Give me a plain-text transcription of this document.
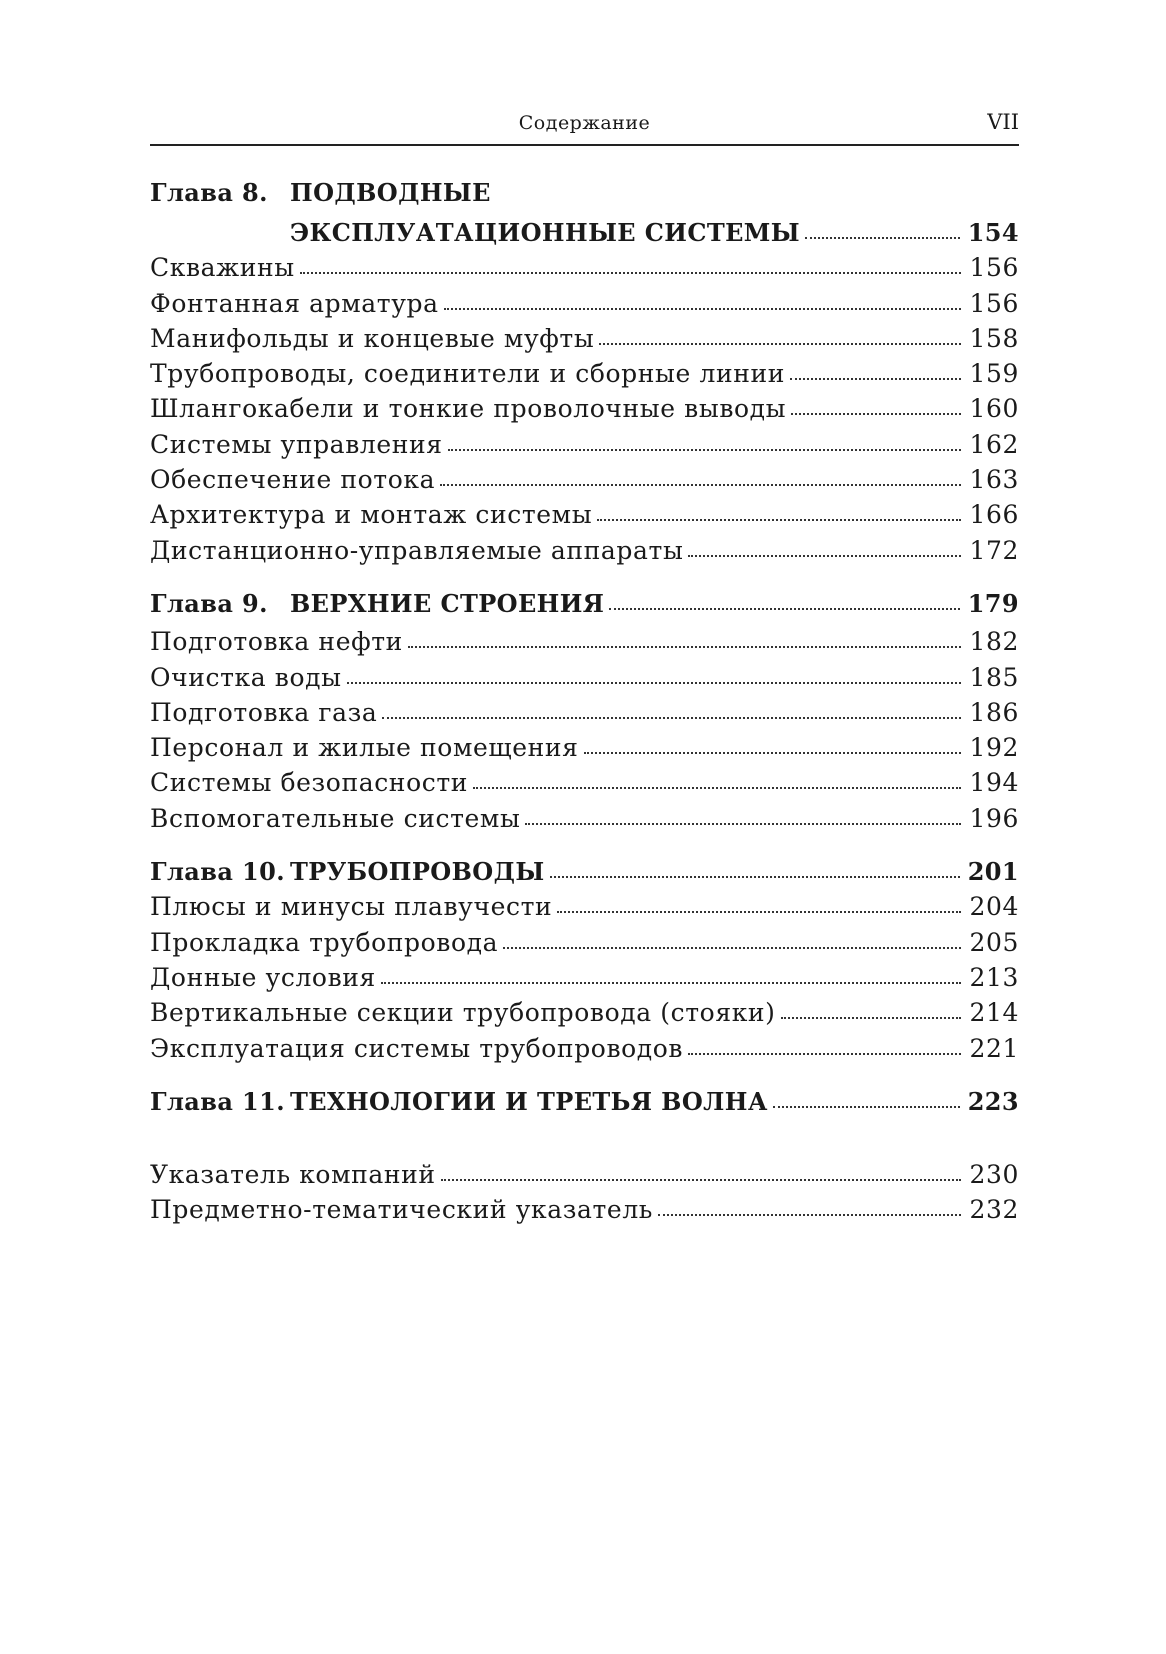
Содержание	VII
Глава 8. ПОДВОДНЫЕ
ЭКСПЛУАТАЦИОННЫЕ СИСТЕМЫ	154
Скважины	156
Фонтанная арматура	156
Манифольды и концевые муфты	158
Трубопроводы, соединители и сборные линии	159
Шлангокабели и тонкие проволочные выводы	160
Системы управления	162
Обеспечение потока	163
Архитектура и монтаж системы	166
Дистанционно-управляемые аппараты	172
Глава 9. ВЕРХНИЕ СТРОЕНИЯ	179
Подготовка нефти	182
Очистка воды	185
Подготовка газа	186
Персонал и жилые помещения	192
Системы безопасности	194
Вспомогательные системы	196
Глава 10. ТРУБОПРОВОДЫ	201
Плюсы и минусы плавучести	204
Прокладка трубопровода	205
Донные условия	213
Вертикальные секции трубопровода (стояки)	214
Эксплуатация системы трубопроводов	221
Глава 11. ТЕХНОЛОГИИ И ТРЕТЬЯ ВОЛНА	223
Указатель компаний	230
Предметно-тематический указатель	232
